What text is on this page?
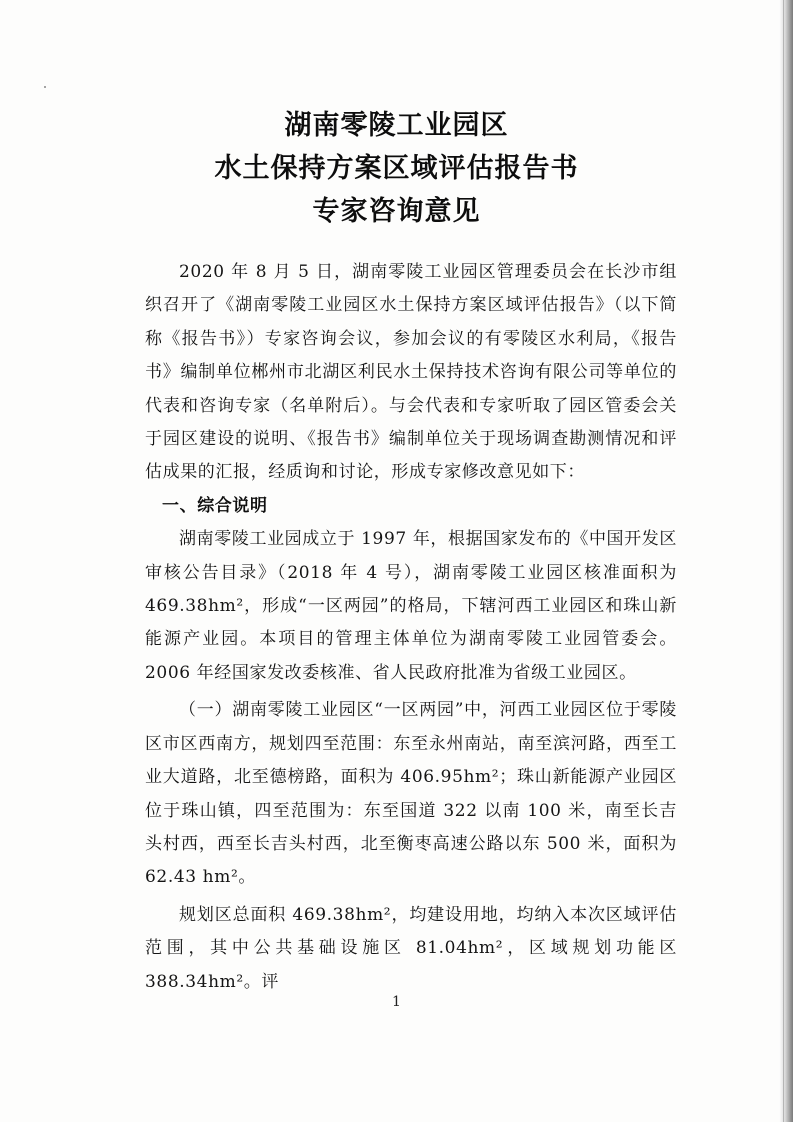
湖南零陵工业园区
水土保持方案区域评估报告书
专家咨询意见

2020 年 8 月 5 日，湖南零陵工业园区管理委员会在长沙市组织召开了《湖南零陵工业园区水土保持方案区域评估报告》（以下简称《报告书》）专家咨询会议，参加会议的有零陵区水利局，《报告书》编制单位郴州市北湖区利民水土保持技术咨询有限公司等单位的代表和咨询专家（名单附后）。与会代表和专家听取了园区管委会关于园区建设的说明、《报告书》编制单位关于现场调查勘测情况和评估成果的汇报，经质询和讨论，形成专家修改意见如下：

一、综合说明

湖南零陵工业园成立于 1997 年，根据国家发布的《中国开发区审核公告目录》（2018 年 4 号），湖南零陵工业园区核准面积为 469.38hm²，形成“一区两园”的格局，下辖河西工业园区和珠山新能源产业园。本项目的管理主体单位为湖南零陵工业园管委会。2006 年经国家发改委核准、省人民政府批准为省级工业园区。

（一）湖南零陵工业园区“一区两园”中，河西工业园区位于零陵区市区西南方，规划四至范围：东至永州南站，南至滨河路，西至工业大道路，北至德榜路，面积为 406.95hm²；珠山新能源产业园区位于珠山镇，四至范围为：东至国道 322 以南 100 米，南至长吉头村西，西至长吉头村西，北至衡枣高速公路以东 500 米，面积为 62.43 hm²。

规划区总面积 469.38hm²，均建设用地，均纳入本次区域评估范围，其中公共基础设施区 81.04hm²，区域规划功能区 388.34hm²。评

1
